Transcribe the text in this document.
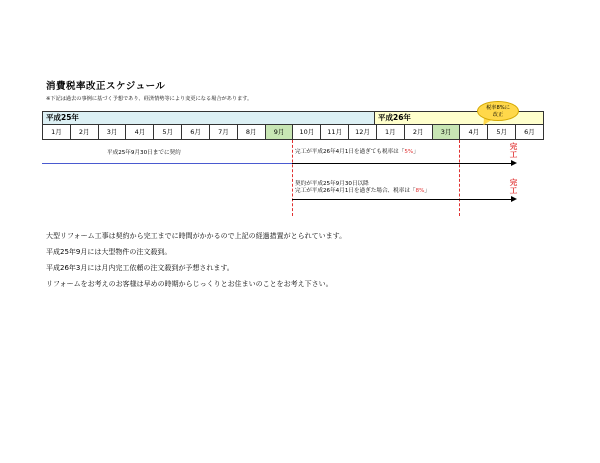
消費税率改正スケジュール
※下記は過去の事例に基づく予想であり、経済情勢等により変更になる場合があります。
平成25年	平成26年
1月	2月	3月	4月	5月	6月	7月	8月	9月	10月	11月	12月	1月	2月	3月	4月	5月	6月
税率8%に
改正
平成25年9月30日までに契約	完工が平成26年4月1日を過ぎても税率は「5%」
契約が平成25年9月30日以降
完工が平成26年4月1日を過ぎた場合、税率は「8%」
完工
完工
大型リフォーム工事は契約から完工までに時間がかかるので上記の経過措置がとられています。
平成25年9月には大型物件の注文殺到。
平成26年3月には月内完工依頼の注文殺到が予想されます。
リフォームをお考えのお客様は早めの時期からじっくりとお住まいのことをお考え下さい。
